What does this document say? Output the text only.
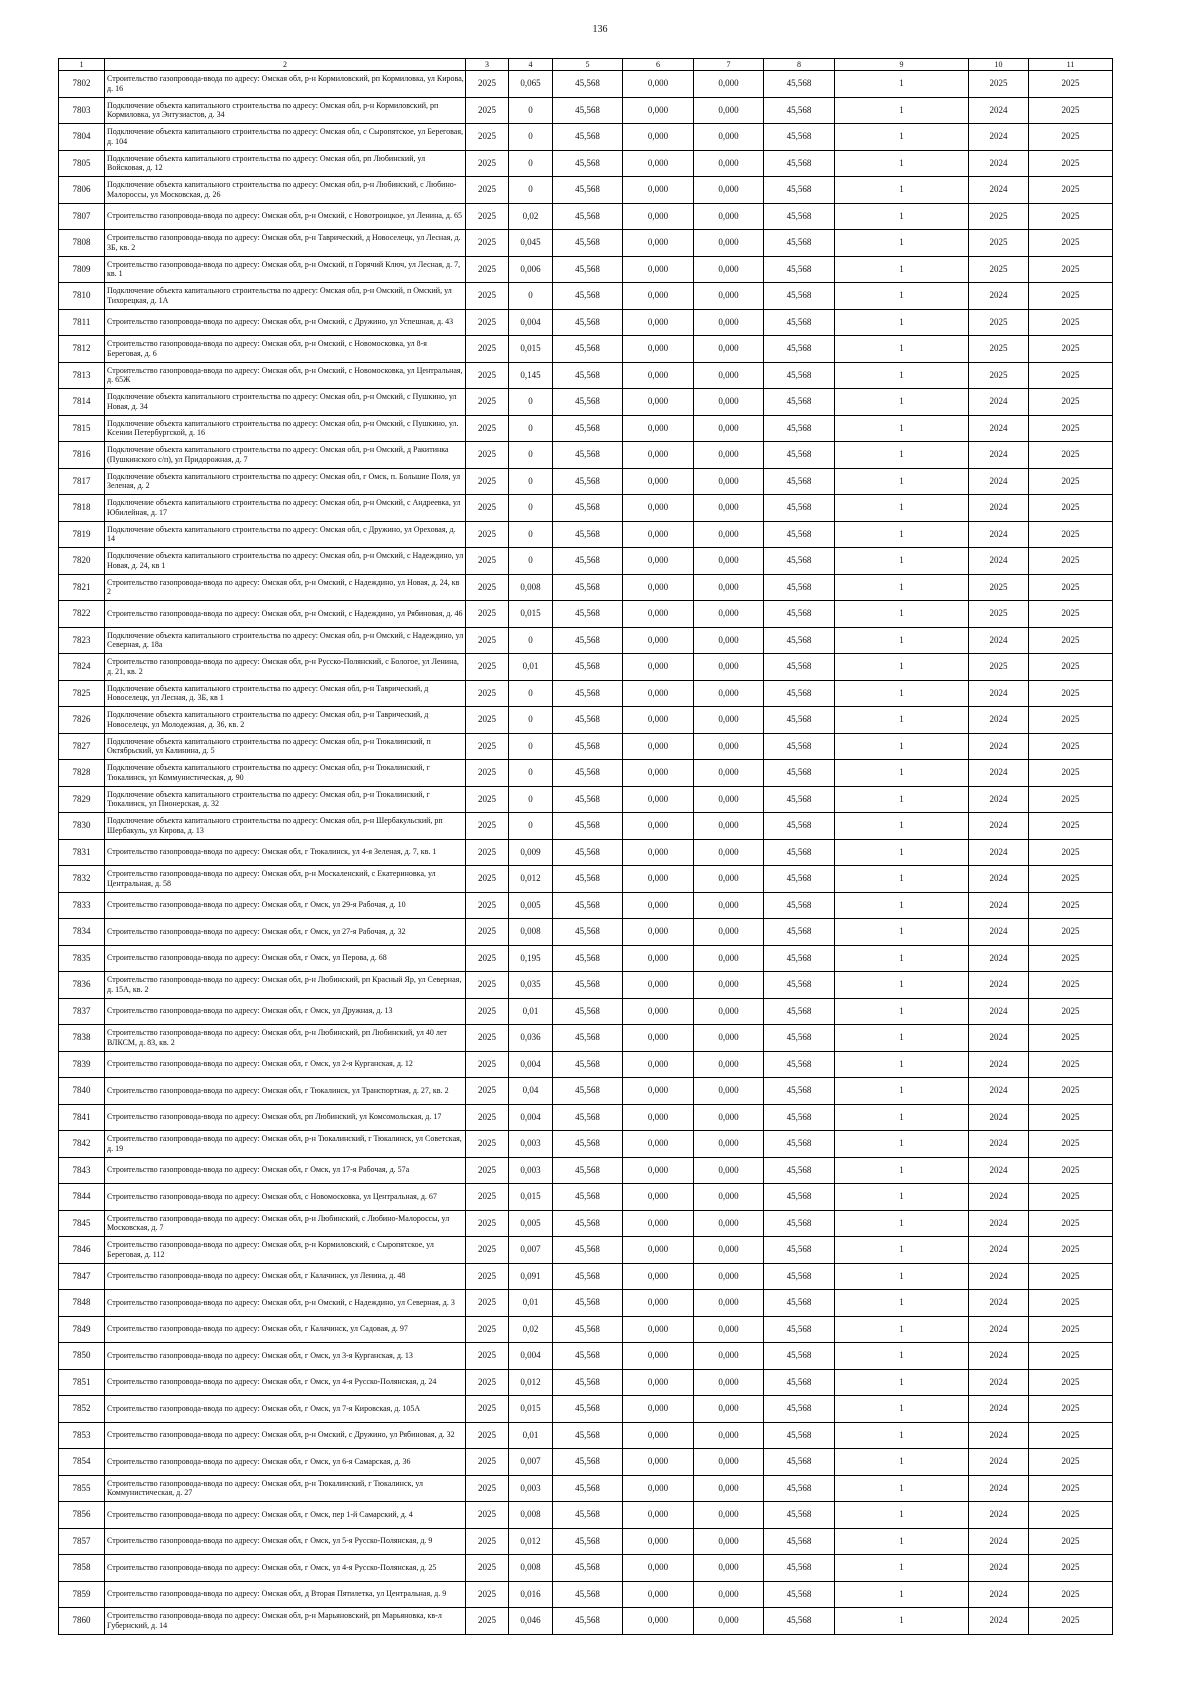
136
1	2	3	4	5	6	7	8	9	10	11
7802	Строительство газопровода-ввода по адресу: Омская обл, р-н Кормиловский, рп Кормиловка, ул Кирова, д. 16	2025	0,065	45,568	0,000	0,000	45,568	1	2025	2025
7803	Подключение объекта капитального строительства по адресу: Омская обл, р-н Кормиловский, рп Кормиловка, ул Энтузиастов, д. 34	2025	0	45,568	0,000	0,000	45,568	1	2024	2025
7804	Подключение объекта капитального строительства по адресу: Омская обл, с Сыропятское, ул Береговая, д. 104	2025	0	45,568	0,000	0,000	45,568	1	2024	2025
7805	Подключение объекта капитального строительства по адресу: Омская обл, рп Любинский, ул Войсковая, д. 12	2025	0	45,568	0,000	0,000	45,568	1	2024	2025
7806	Подключение объекта капитального строительства по адресу: Омская обл, р-н Любинский, с Любино-Малороссы, ул Московская, д. 26	2025	0	45,568	0,000	0,000	45,568	1	2024	2025
7807	Строительство газопровода-ввода по адресу: Омская обл, р-н Омский, с Новотроицкое, ул Ленина, д. 65	2025	0,02	45,568	0,000	0,000	45,568	1	2025	2025
7808	Строительство газопровода-ввода по адресу: Омская обл, р-н Таврический, д Новоселецк, ул Лесная, д. 3Б, кв. 2	2025	0,045	45,568	0,000	0,000	45,568	1	2025	2025
7809	Строительство газопровода-ввода по адресу: Омская обл, р-н Омский, п Горячий Ключ, ул Лесная, д. 7, кв. 1	2025	0,006	45,568	0,000	0,000	45,568	1	2025	2025
7810	Подключение объекта капитального строительства по адресу: Омская обл, р-н Омский, п Омский, ул Тихорецкая, д. 1А	2025	0	45,568	0,000	0,000	45,568	1	2024	2025
7811	Строительство газопровода-ввода по адресу: Омская обл, р-н Омский, с Дружино, ул Успешная, д. 43	2025	0,004	45,568	0,000	0,000	45,568	1	2025	2025
7812	Строительство газопровода-ввода по адресу: Омская обл, р-н Омский, с Новомосковка, ул 8-я Береговая, д. 6	2025	0,015	45,568	0,000	0,000	45,568	1	2025	2025
7813	Строительство газопровода-ввода по адресу: Омская обл, р-н Омский, с Новомосковка, ул Центральная, д. 65Ж	2025	0,145	45,568	0,000	0,000	45,568	1	2025	2025
7814	Подключение объекта капитального строительства по адресу: Омская обл, р-н Омский, с Пушкино, ул Новая, д. 34	2025	0	45,568	0,000	0,000	45,568	1	2024	2025
7815	Подключение объекта капитального строительства по адресу: Омская обл, р-н Омский, с Пушкино, ул. Ксении Петербургской, д. 16	2025	0	45,568	0,000	0,000	45,568	1	2024	2025
7816	Подключение объекта капитального строительства по адресу: Омская обл, р-н Омский, д Ракитинка (Пушкинского с/п), ул Придорожная, д. 7	2025	0	45,568	0,000	0,000	45,568	1	2024	2025
7817	Подключение объекта капитального строительства по адресу: Омская обл, г Омск, п. Большие Поля, ул Зеленая, д. 2	2025	0	45,568	0,000	0,000	45,568	1	2024	2025
7818	Подключение объекта капитального строительства по адресу: Омская обл, р-н Омский, с Андреевка, ул Юбилейная, д. 17	2025	0	45,568	0,000	0,000	45,568	1	2024	2025
7819	Подключение объекта капитального строительства по адресу: Омская обл, с Дружино, ул Ореховая, д. 14	2025	0	45,568	0,000	0,000	45,568	1	2024	2025
7820	Подключение объекта капитального строительства по адресу: Омская обл, р-н Омский, с Надеждино, ул Новая, д. 24, кв 1	2025	0	45,568	0,000	0,000	45,568	1	2024	2025
7821	Строительство газопровода-ввода по адресу: Омская обл, р-н Омский, с Надеждино, ул Новая, д. 24, кв 2	2025	0,008	45,568	0,000	0,000	45,568	1	2025	2025
7822	Строительство газопровода-ввода по адресу: Омская обл, р-н Омский, с Надеждино, ул Рябиновая, д. 46	2025	0,015	45,568	0,000	0,000	45,568	1	2025	2025
7823	Подключение объекта капитального строительства по адресу: Омская обл, р-н Омский, с Надеждино, ул Северная, д. 18а	2025	0	45,568	0,000	0,000	45,568	1	2024	2025
7824	Строительство газопровода-ввода по адресу: Омская обл, р-н Русско-Полянский, с Бологое, ул Ленина, д. 21, кв. 2	2025	0,01	45,568	0,000	0,000	45,568	1	2025	2025
7825	Подключение объекта капитального строительства по адресу: Омская обл, р-н Таврический, д Новоселецк, ул Лесная, д. 3Б, кв 1	2025	0	45,568	0,000	0,000	45,568	1	2024	2025
7826	Подключение объекта капитального строительства по адресу: Омская обл, р-н Таврический, д Новоселецк, ул Молодежная, д. 36, кв. 2	2025	0	45,568	0,000	0,000	45,568	1	2024	2025
7827	Подключение объекта капитального строительства по адресу: Омская обл, р-н Тюкалинский, п Октябрьский, ул Калинина, д. 5	2025	0	45,568	0,000	0,000	45,568	1	2024	2025
7828	Подключение объекта капитального строительства по адресу: Омская обл, р-н Тюкалинский, г Тюкалинск, ул Коммунистическая, д. 90	2025	0	45,568	0,000	0,000	45,568	1	2024	2025
7829	Подключение объекта капитального строительства по адресу: Омская обл, р-н Тюкалинский, г Тюкалинск, ул Пионерская, д. 32	2025	0	45,568	0,000	0,000	45,568	1	2024	2025
7830	Подключение объекта капитального строительства по адресу: Омская обл, р-н Шербакульский, рп Шербакуль, ул Кирова, д. 13	2025	0	45,568	0,000	0,000	45,568	1	2024	2025
7831	Строительство газопровода-ввода по адресу: Омская обл, г Тюкалинск, ул 4-я Зеленая, д. 7, кв. 1	2025	0,009	45,568	0,000	0,000	45,568	1	2024	2025
7832	Строительство газопровода-ввода по адресу: Омская обл, р-н Москаленский, с Екатериновка, ул Центральная, д. 58	2025	0,012	45,568	0,000	0,000	45,568	1	2024	2025
7833	Строительство газопровода-ввода по адресу: Омская обл, г Омск, ул 29-я Рабочая, д. 10	2025	0,005	45,568	0,000	0,000	45,568	1	2024	2025
7834	Строительство газопровода-ввода по адресу: Омская обл, г Омск, ул 27-я Рабочая, д. 32	2025	0,008	45,568	0,000	0,000	45,568	1	2024	2025
7835	Строительство газопровода-ввода по адресу: Омская обл, г Омск, ул Перова, д. 68	2025	0,195	45,568	0,000	0,000	45,568	1	2024	2025
7836	Строительство газопровода-ввода по адресу: Омская обл, р-н Любинский, рп Красный Яр, ул Северная, д. 15А, кв. 2	2025	0,035	45,568	0,000	0,000	45,568	1	2024	2025
7837	Строительство газопровода-ввода по адресу: Омская обл, г Омск, ул Дружная, д. 13	2025	0,01	45,568	0,000	0,000	45,568	1	2024	2025
7838	Строительство газопровода-ввода по адресу: Омская обл, р-н Любинский, рп Любинский, ул 40 лет ВЛКСМ, д. 83, кв. 2	2025	0,036	45,568	0,000	0,000	45,568	1	2024	2025
7839	Строительство газопровода-ввода по адресу: Омская обл, г Омск, ул 2-я Курганская, д. 12	2025	0,004	45,568	0,000	0,000	45,568	1	2024	2025
7840	Строительство газопровода-ввода по адресу: Омская обл, г Тюкалинск, ул Транспортная, д. 27, кв. 2	2025	0,04	45,568	0,000	0,000	45,568	1	2024	2025
7841	Строительство газопровода-ввода по адресу: Омская обл, рп Любинский, ул Комсомольская, д. 17	2025	0,004	45,568	0,000	0,000	45,568	1	2024	2025
7842	Строительство газопровода-ввода по адресу: Омская обл, р-н Тюкалинский, г Тюкалинск, ул Советская, д. 19	2025	0,003	45,568	0,000	0,000	45,568	1	2024	2025
7843	Строительство газопровода-ввода по адресу: Омская обл, г Омск, ул 17-я Рабочая, д. 57а	2025	0,003	45,568	0,000	0,000	45,568	1	2024	2025
7844	Строительство газопровода-ввода по адресу: Омская обл, с Новомосковка, ул Центральная, д. 67	2025	0,015	45,568	0,000	0,000	45,568	1	2024	2025
7845	Строительство газопровода-ввода по адресу: Омская обл, р-н Любинский, с Любино-Малороссы, ул Московская, д. 7	2025	0,005	45,568	0,000	0,000	45,568	1	2024	2025
7846	Строительство газопровода-ввода по адресу: Омская обл, р-н Кормиловский, с Сыропятское, ул Береговая, д. 112	2025	0,007	45,568	0,000	0,000	45,568	1	2024	2025
7847	Строительство газопровода-ввода по адресу: Омская обл, г Калачинск, ул Ленина, д. 48	2025	0,091	45,568	0,000	0,000	45,568	1	2024	2025
7848	Строительство газопровода-ввода по адресу: Омская обл, р-н Омский, с Надеждино, ул Северная, д. 3	2025	0,01	45,568	0,000	0,000	45,568	1	2024	2025
7849	Строительство газопровода-ввода по адресу: Омская обл, г Калачинск, ул Садовая, д. 97	2025	0,02	45,568	0,000	0,000	45,568	1	2024	2025
7850	Строительство газопровода-ввода по адресу: Омская обл, г Омск, ул 3-я Курганская, д. 13	2025	0,004	45,568	0,000	0,000	45,568	1	2024	2025
7851	Строительство газопровода-ввода по адресу: Омская обл, г Омск, ул 4-я Русско-Полянская, д. 24	2025	0,012	45,568	0,000	0,000	45,568	1	2024	2025
7852	Строительство газопровода-ввода по адресу: Омская обл, г Омск, ул 7-я Кировская, д. 105А	2025	0,015	45,568	0,000	0,000	45,568	1	2024	2025
7853	Строительство газопровода-ввода по адресу: Омская обл, р-н Омский, с Дружино, ул Рябиновая, д. 32	2025	0,01	45,568	0,000	0,000	45,568	1	2024	2025
7854	Строительство газопровода-ввода по адресу: Омская обл, г Омск, ул 6-я Самарская, д. 36	2025	0,007	45,568	0,000	0,000	45,568	1	2024	2025
7855	Строительство газопровода-ввода по адресу: Омская обл, р-н Тюкалинский, г Тюкалинск, ул Коммунистическая, д. 27	2025	0,003	45,568	0,000	0,000	45,568	1	2024	2025
7856	Строительство газопровода-ввода по адресу: Омская обл, г Омск, пер 1-й Самарский, д. 4	2025	0,008	45,568	0,000	0,000	45,568	1	2024	2025
7857	Строительство газопровода-ввода по адресу: Омская обл, г Омск, ул 5-я Русско-Полянская, д. 9	2025	0,012	45,568	0,000	0,000	45,568	1	2024	2025
7858	Строительство газопровода-ввода по адресу: Омская обл, г Омск, ул 4-я Русско-Полянская, д. 25	2025	0,008	45,568	0,000	0,000	45,568	1	2024	2025
7859	Строительство газопровода-ввода по адресу: Омская обл, д Вторая Пятилетка, ул Центральная, д. 9	2025	0,016	45,568	0,000	0,000	45,568	1	2024	2025
7860	Строительство газопровода-ввода по адресу: Омская обл, р-н Марьяновский, рп Марьяновка, кв-л Губернский, д. 14	2025	0,046	45,568	0,000	0,000	45,568	1	2024	2025
